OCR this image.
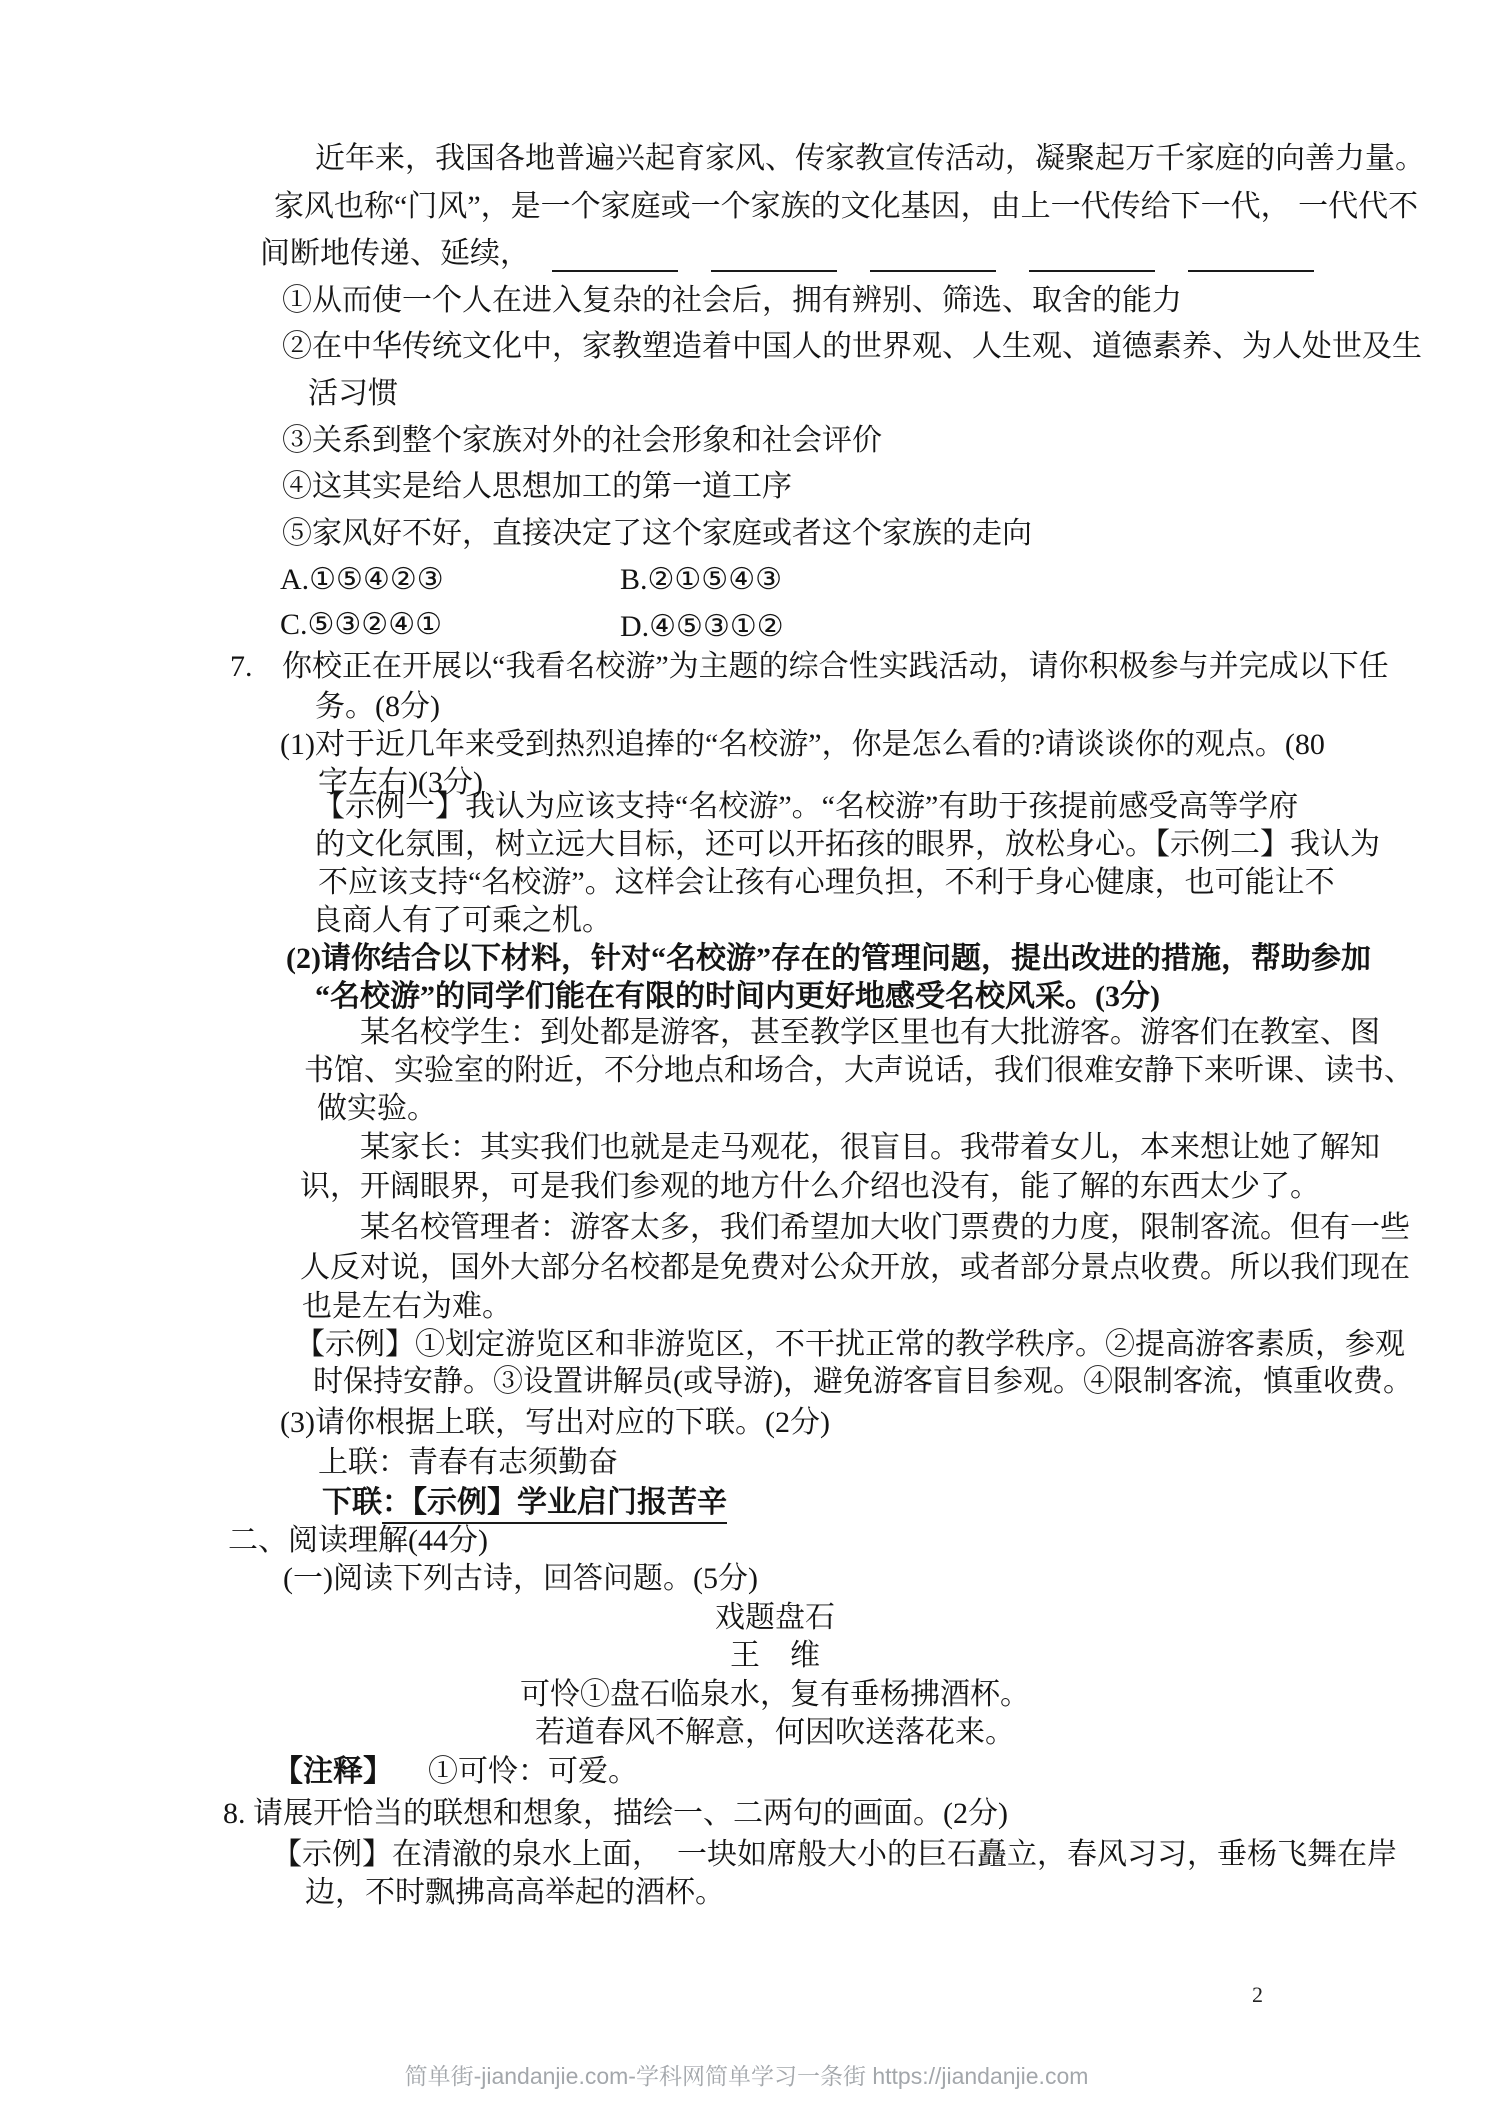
近年来，我国各地普遍兴起育家风、传家教宣传活动，凝聚起万千家庭的向善力量。
家风也称“门风”，是一个家庭或一个家族的文化基因，由上一代传给下一代， 一代代不
间断地传递、延续，
①从而使一个人在进入复杂的社会后，拥有辨别、筛选、取舍的能力
②在中华传统文化中，家教塑造着中国人的世界观、人生观、道德素养、为人处世及生
活习惯
③关系到整个家族对外的社会形象和社会评价
④这其实是给人思想加工的第一道工序
⑤家风好不好，直接决定了这个家庭或者这个家族的走向
A.①⑤④②③	B.②①⑤④③
C.⑤③②④①	D.④⑤③①②
7. 你校正在开展以“我看名校游”为主题的综合性实践活动，请你积极参与并完成以下任
务。(8分)
(1)对于近几年来受到热烈追捧的“名校游”，你是怎么看的?请谈谈你的观点。(80
字左右)(3分)
【示例一】我认为应该支持“名校游”。“名校游”有助于孩提前感受高等学府
的文化氛围，树立远大目标，还可以开拓孩的眼界，放松身心。【示例二】我认为
不应该支持“名校游”。这样会让孩有心理负担，不利于身心健康，也可能让不
良商人有了可乘之机。
(2)请你结合以下材料，针对“名校游”存在的管理问题，提出改进的措施，帮助参加
“名校游”的同学们能在有限的时间内更好地感受名校风采。(3分)
某名校学生：到处都是游客，甚至教学区里也有大批游客。游客们在教室、图
书馆、实验室的附近，不分地点和场合，大声说话，我们很难安静下来听课、读书、
做实验。
某家长：其实我们也就是走马观花，很盲目。我带着女儿，本来想让她了解知
识，开阔眼界，可是我们参观的地方什么介绍也没有，能了解的东西太少了。
某名校管理者：游客太多，我们希望加大收门票费的力度，限制客流。但有一些
人反对说，国外大部分名校都是免费对公众开放，或者部分景点收费。所以我们现在
也是左右为难。
【示例】①划定游览区和非游览区，不干扰正常的教学秩序。②提高游客素质，参观
时保持安静。③设置讲解员(或导游)，避免游客盲目参观。④限制客流，慎重收费。
(3)请你根据上联，写出对应的下联。(2分)
上联：青春有志须勤奋
下联：【示例】学业启门报苦辛
二、阅读理解(44分)
(一)阅读下列古诗，回答问题。(5分)
戏题盘石
王　维
可怜①盘石临泉水，复有垂杨拂酒杯。
若道春风不解意，何因吹送落花来。
【注释】 ①可怜：可爱。
8. 请展开恰当的联想和想象，描绘一、二两句的画面。(2分)
【示例】在清澈的泉水上面，　一块如席般大小的巨石矗立，春风习习，垂杨飞舞在岸
边，不时飘拂高高举起的酒杯。
2
简单街-jiandanjie.com-学科网简单学习一条街 https://jiandanjie.com
